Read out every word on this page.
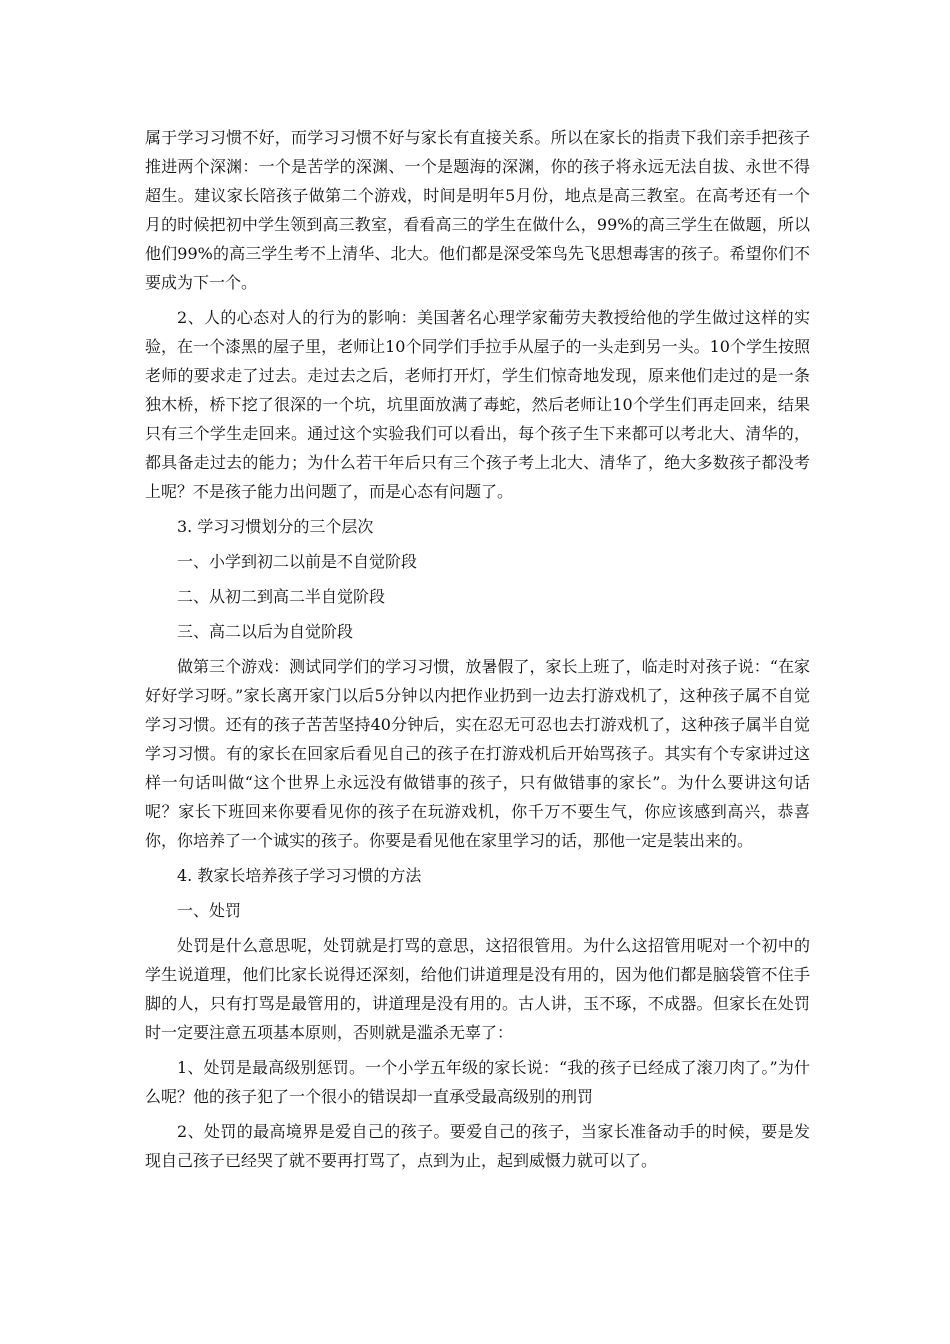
属于学习习惯不好，而学习习惯不好与家长有直接关系。所以在家长的指责下我们亲手把孩子推进两个深渊：一个是苦学的深渊、一个是题海的深渊，你的孩子将永远无法自拔、永世不得超生。建议家长陪孩子做第二个游戏，时间是明年5月份，地点是高三教室。在高考还有一个月的时候把初中学生领到高三教室，看看高三的学生在做什么，99%的高三学生在做题，所以他们99%的高三学生考不上清华、北大。他们都是深受笨鸟先飞思想毒害的孩子。希望你们不要成为下一个。

2、人的心态对人的行为的影响：美国著名心理学家葡劳夫教授给他的学生做过这样的实验，在一个漆黑的屋子里，老师让10个同学们手拉手从屋子的一头走到另一头。10个学生按照老师的要求走了过去。走过去之后，老师打开灯，学生们惊奇地发现，原来他们走过的是一条独木桥，桥下挖了很深的一个坑，坑里面放满了毒蛇，然后老师让10个学生们再走回来，结果只有三个学生走回来。通过这个实验我们可以看出，每个孩子生下来都可以考北大、清华的，都具备走过去的能力；为什么若干年后只有三个孩子考上北大、清华了，绝大多数孩子都没考上呢？不是孩子能力出问题了，而是心态有问题了。

3. 学习习惯划分的三个层次

一、小学到初二以前是不自觉阶段

二、从初二到高二半自觉阶段

三、高二以后为自觉阶段

做第三个游戏：测试同学们的学习习惯，放暑假了，家长上班了，临走时对孩子说：“在家好好学习呀。”家长离开家门以后5分钟以内把作业扔到一边去打游戏机了，这种孩子属不自觉学习习惯。还有的孩子苦苦坚持40分钟后，实在忍无可忍也去打游戏机了，这种孩子属半自觉学习习惯。有的家长在回家后看见自己的孩子在打游戏机后开始骂孩子。其实有个专家讲过这样一句话叫做“这个世界上永远没有做错事的孩子，只有做错事的家长”。为什么要讲这句话呢？家长下班回来你要看见你的孩子在玩游戏机，你千万不要生气，你应该感到高兴，恭喜你，你培养了一个诚实的孩子。你要是看见他在家里学习的话，那他一定是装出来的。

4. 教家长培养孩子学习习惯的方法

一、处罚

处罚是什么意思呢，处罚就是打骂的意思，这招很管用。为什么这招管用呢对一个初中的学生说道理，他们比家长说得还深刻，给他们讲道理是没有用的，因为他们都是脑袋管不住手脚的人，只有打骂是最管用的，讲道理是没有用的。古人讲，玉不琢，不成器。但家长在处罚时一定要注意五项基本原则，否则就是滥杀无辜了：

1、处罚是最高级别惩罚。一个小学五年级的家长说：“我的孩子已经成了滚刀肉了。”为什么呢？他的孩子犯了一个很小的错误却一直承受最高级别的刑罚

2、处罚的最高境界是爱自己的孩子。要爱自己的孩子，当家长准备动手的时候，要是发现自己孩子已经哭了就不要再打骂了，点到为止，起到威慑力就可以了。
